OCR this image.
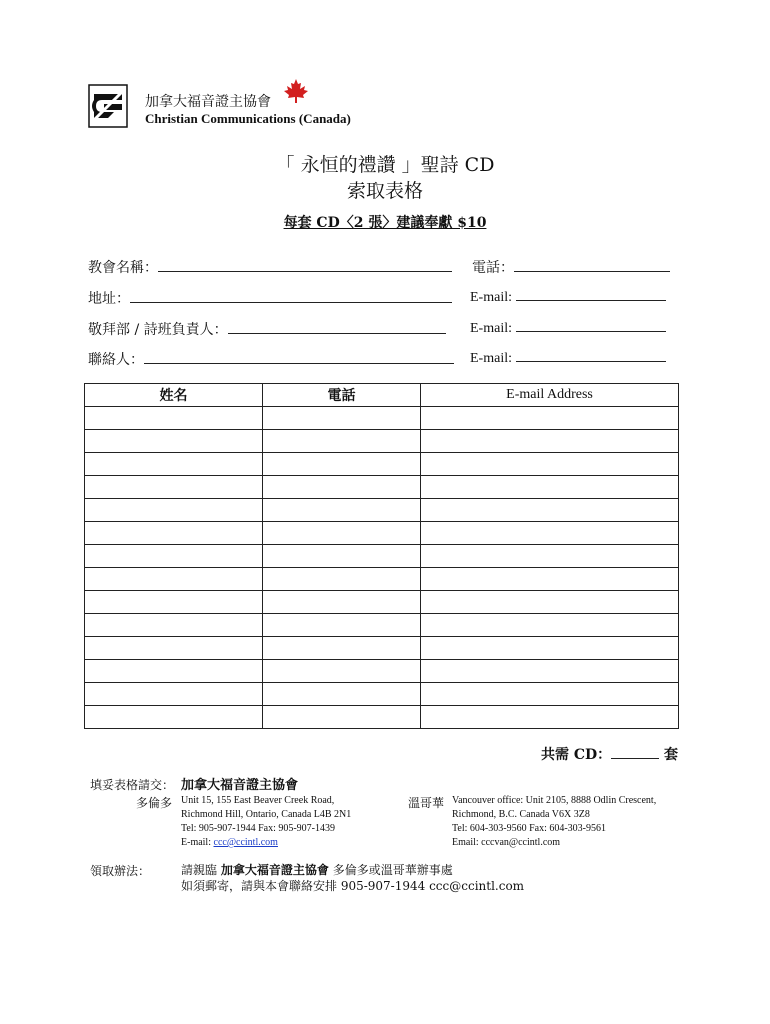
加拿大福音證主協會
Christian Communications (Canada)
「 永恒的禮讚 」聖詩 CD
索取表格
每套 CD〈2 張〉建議奉獻 $10
教會名稱：	電話：
地址：	E-mail:
敬拜部 / 詩班負責人：	E-mail:
聯絡人：	E-mail:
姓名	電話	E-mail Address

共需 CD：	套
填妥表格請交： 加拿大福音證主協會
多倫多 Unit 15, 155 East Beaver Creek Road,
Richmond Hill, Ontario, Canada L4B 2N1
Tel: 905-907-1944 Fax: 905-907-1439
E-mail: ccc@ccintl.com
溫哥華 Vancouver office: Unit 2105, 8888 Odlin Crescent,
Richmond, B.C. Canada V6X 3Z8
Tel: 604-303-9560 Fax: 604-303-9561
Email: cccvan@ccintl.com
領取辦法：	請親臨 加拿大福音證主協會 多倫多或溫哥華辦事處
如須郵寄，請與本會聯絡安排 905-907-1944 ccc@ccintl.com
